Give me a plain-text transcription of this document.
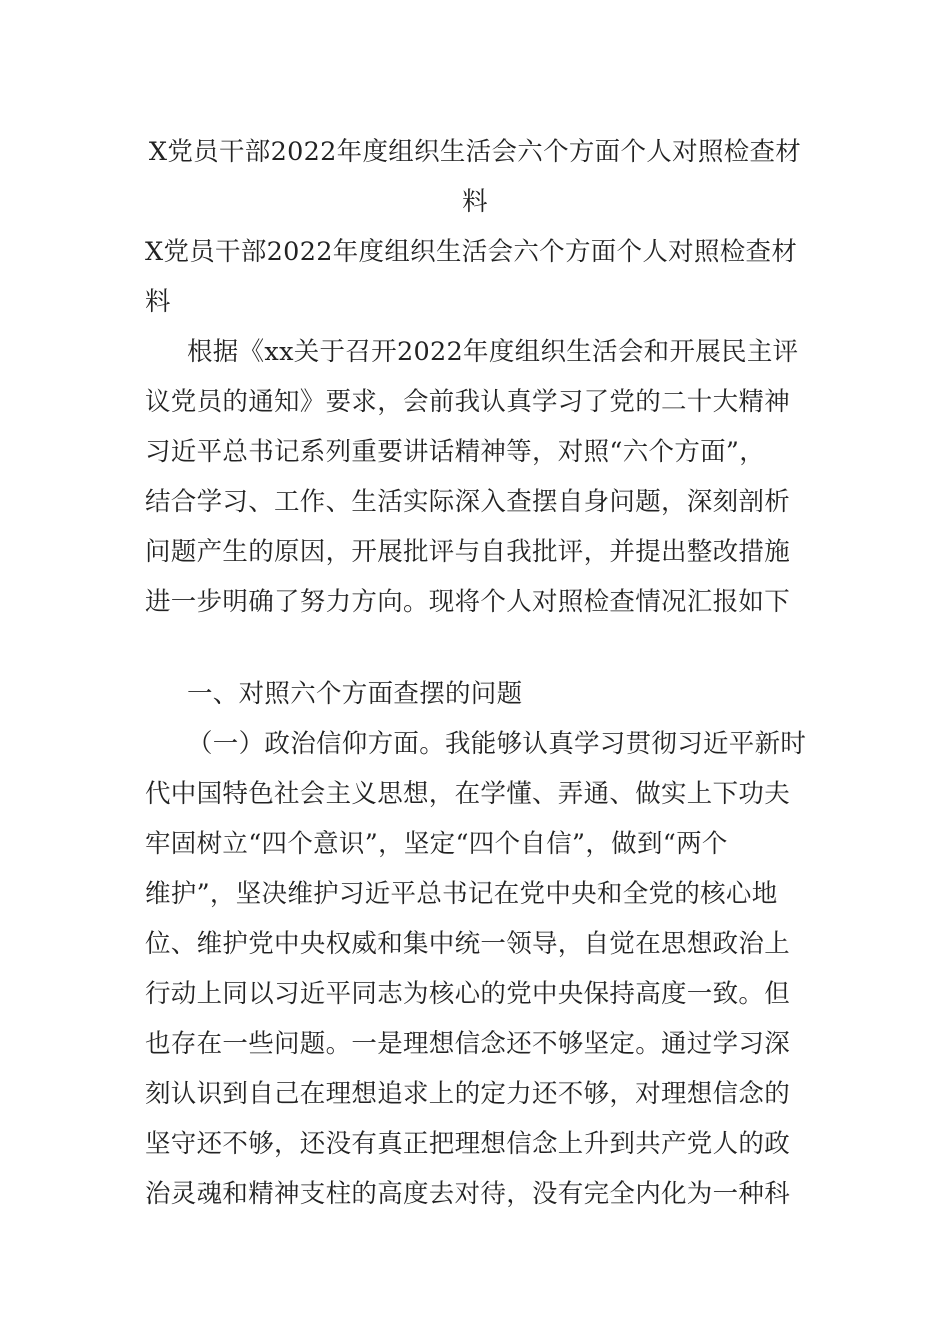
X党员干部2022年度组织生活会六个方面个人对照检查材
料
X党员干部2022年度组织生活会六个方面个人对照检查材
料
根据《xx关于召开2022年度组织生活会和开展民主评
议党员的通知》要求，会前我认真学习了党的二十大精神
习近平总书记系列重要讲话精神等，对照“六个方面”，
结合学习、工作、生活实际深入查摆自身问题，深刻剖析
问题产生的原因，开展批评与自我批评，并提出整改措施
进一步明确了努力方向。现将个人对照检查情况汇报如下
一、对照六个方面查摆的问题
（一）政治信仰方面。我能够认真学习贯彻习近平新时
代中国特色社会主义思想，在学懂、弄通、做实上下功夫
牢固树立“四个意识”，坚定“四个自信”，做到“两个
维护”，坚决维护习近平总书记在党中央和全党的核心地
位、维护党中央权威和集中统一领导，自觉在思想政治上
行动上同以习近平同志为核心的党中央保持高度一致。但
也存在一些问题。一是理想信念还不够坚定。通过学习深
刻认识到自己在理想追求上的定力还不够，对理想信念的
坚守还不够，还没有真正把理想信念上升到共产党人的政
治灵魂和精神支柱的高度去对待，没有完全内化为一种科
